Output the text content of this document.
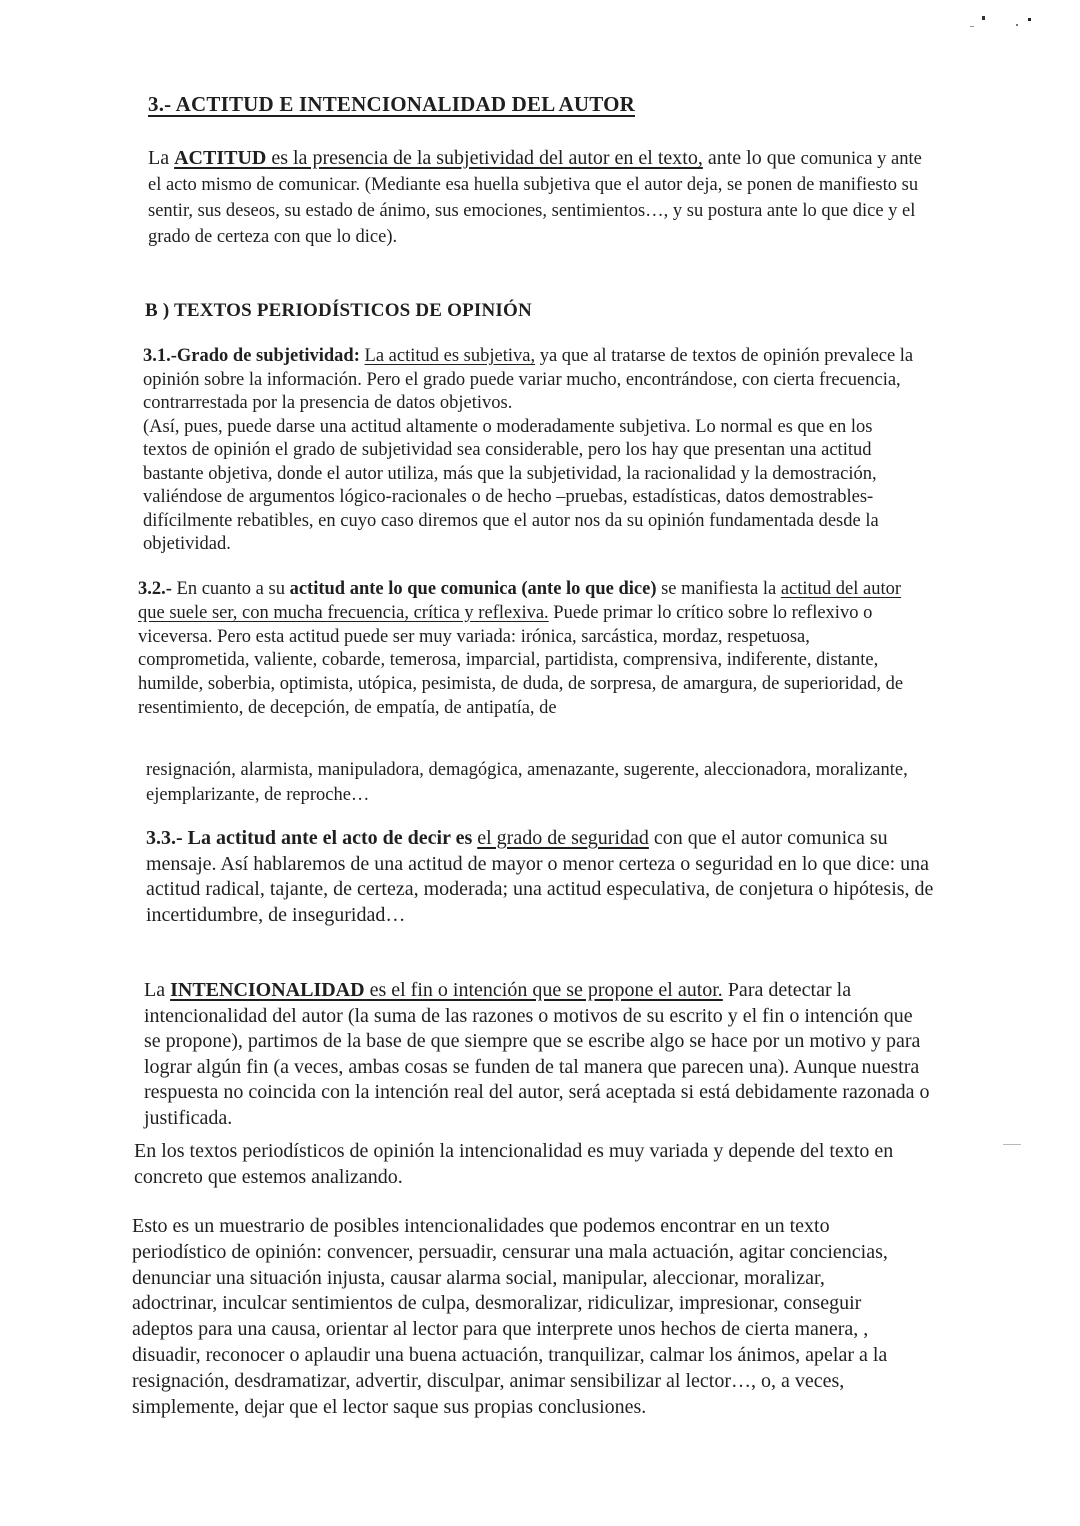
3.- ACTITUD E INTENCIONALIDAD DEL AUTOR

La ACTITUD es la presencia de la subjetividad del autor en el texto, ante lo que comunica y ante el acto mismo de comunicar. (Mediante esa huella subjetiva que el autor deja, se ponen de manifiesto su sentir, sus deseos, su estado de ánimo, sus emociones, sentimientos…, y su postura ante lo que dice y el grado de certeza con que lo dice).

B ) TEXTOS PERIODÍSTICOS DE OPINIÓN

3.1.-Grado de subjetividad: La actitud es subjetiva, ya que al tratarse de textos de opinión prevalece la opinión sobre la información. Pero el grado puede variar mucho, encontrándose, con cierta frecuencia, contrarrestada por la presencia de datos objetivos.
(Así, pues, puede darse una actitud altamente o moderadamente subjetiva. Lo normal es que en los textos de opinión el grado de subjetividad sea considerable, pero los hay que presentan una actitud bastante objetiva, donde el autor utiliza, más que la subjetividad, la racionalidad y la demostración, valiéndose de argumentos lógico-racionales o de hecho –pruebas, estadísticas, datos demostrables- difícilmente rebatibles, en cuyo caso diremos que el autor nos da su opinión fundamentada desde la objetividad.

3.2.- En cuanto a su actitud ante lo que comunica (ante lo que dice) se manifiesta la actitud del autor que suele ser, con mucha frecuencia, crítica y reflexiva. Puede primar lo crítico sobre lo reflexivo o viceversa. Pero esta actitud puede ser muy variada: irónica, sarcástica, mordaz, respetuosa, comprometida, valiente, cobarde, temerosa, imparcial, partidista, comprensiva, indiferente, distante, humilde, soberbia, optimista, utópica, pesimista, de duda, de sorpresa, de amargura, de superioridad, de resentimiento, de decepción, de empatía, de antipatía, de

resignación, alarmista, manipuladora, demagógica, amenazante, sugerente, aleccionadora, moralizante, ejemplarizante, de reproche…

3.3.- La actitud ante el acto de decir es el grado de seguridad con que el autor comunica su mensaje. Así hablaremos de una actitud de mayor o menor certeza o seguridad en lo que dice: una actitud radical, tajante, de certeza, moderada; una actitud especulativa, de conjetura o hipótesis, de incertidumbre, de inseguridad…

La INTENCIONALIDAD es el fin o intención que se propone el autor. Para detectar la intencionalidad del autor (la suma de las razones o motivos de su escrito y el fin o intención que se propone), partimos de la base de que siempre que se escribe algo se hace por un motivo y para lograr algún fin (a veces, ambas cosas se funden de tal manera que parecen una). Aunque nuestra respuesta no coincida con la intención real del autor, será aceptada si está debidamente razonada o justificada.

En los textos periodísticos de opinión la intencionalidad es muy variada y depende del texto en concreto que estemos analizando.

Esto es un muestrario de posibles intencionalidades que podemos encontrar en un texto periodístico de opinión: convencer, persuadir, censurar una mala actuación, agitar conciencias, denunciar una situación injusta, causar alarma social, manipular, aleccionar, moralizar, adoctrinar, inculcar sentimientos de culpa, desmoralizar, ridiculizar, impresionar, conseguir adeptos para una causa, orientar al lector para que interprete unos hechos de cierta manera, , disuadir, reconocer o aplaudir una buena actuación, tranquilizar, calmar los ánimos, apelar a la resignación, desdramatizar, advertir, disculpar, animar sensibilizar al lector…, o, a veces, simplemente, dejar que el lector saque sus propias conclusiones.
